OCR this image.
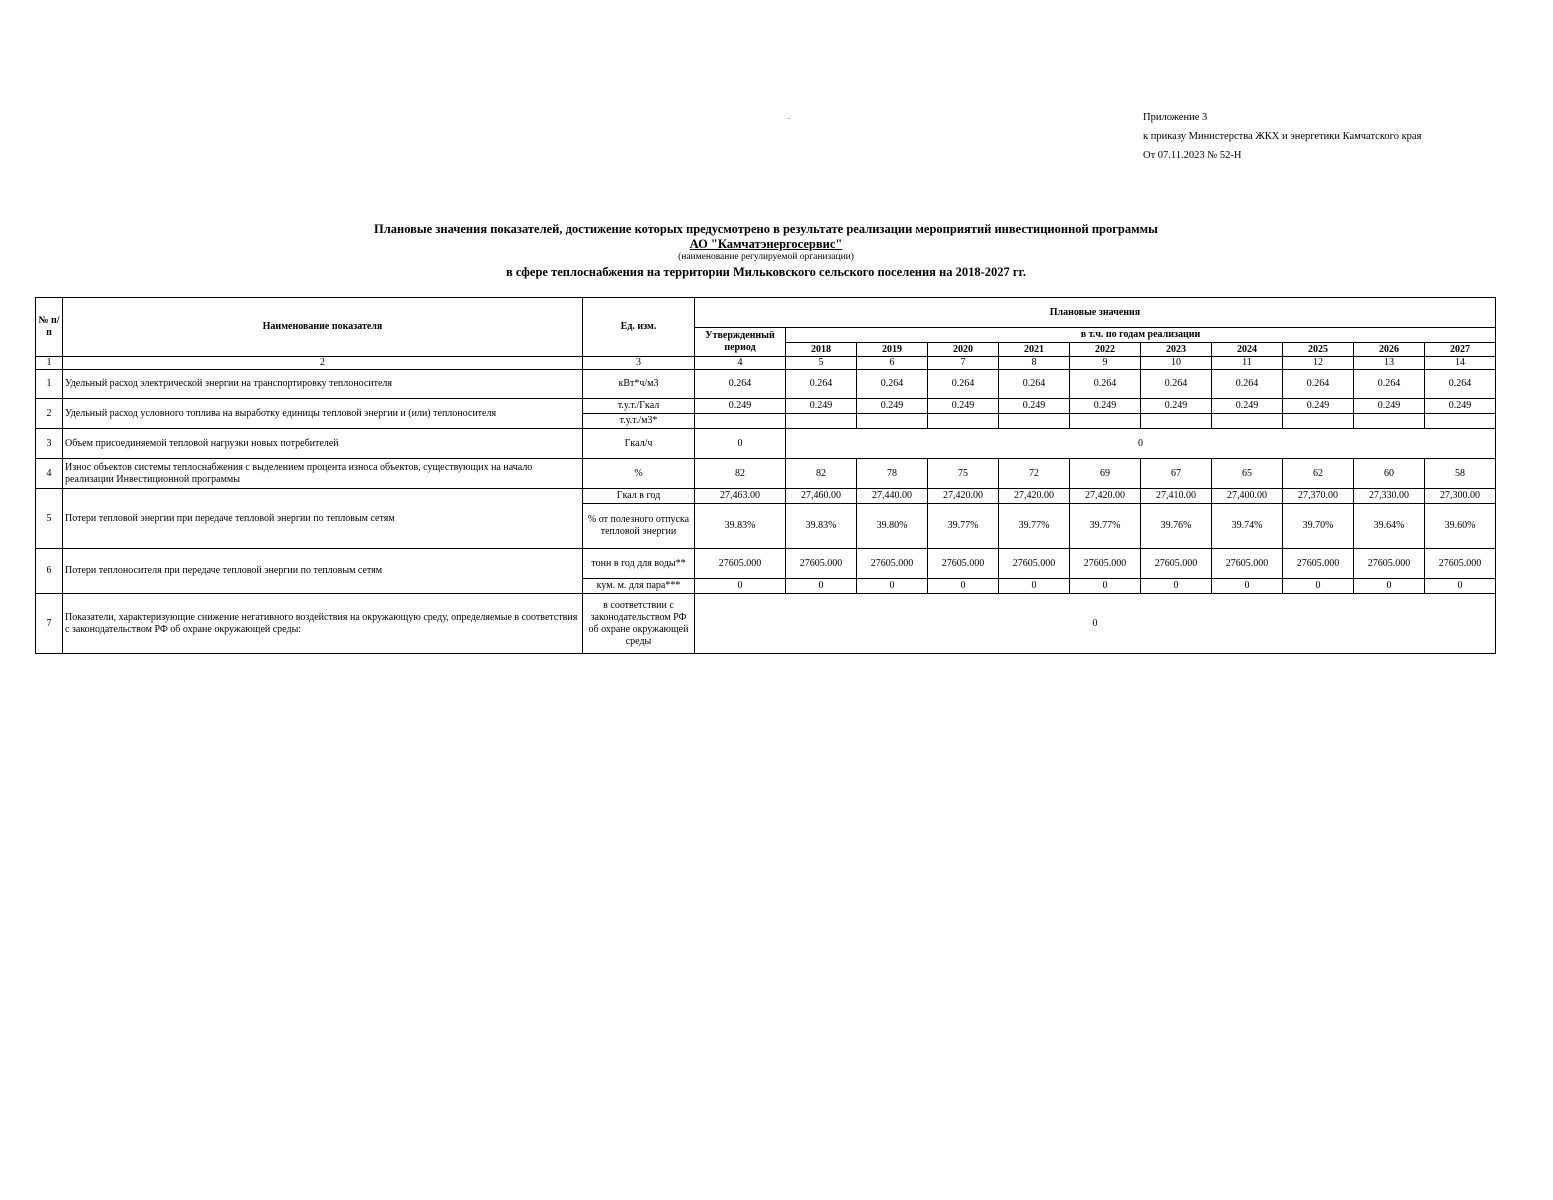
Приложение 3
к приказу Министерства ЖКХ и энергетики Камчатского края
От 07.11.2023 № 52-Н
.
Плановые значения показателей, достижение которых предусмотрено в результате реализации мероприятий инвестиционной программы
АО "Камчатэнергосервис"
(наименование регулируемой организации)
в сфере теплоснабжения на территории Мильковского сельского поселения на 2018-2027 гг.
№ п/п	Наименование показателя	Ед. изм.	Плановые значения										
			Утвержденный период	в т.ч. по годам реализации									
				2018	2019	2020	2021	2022	2023	2024	2025	2026	2027
1	2	3	4	5	6	7	8	9	10	11	12	13	14
1	Удельный расход электрической энергии на транспортировку теплоносителя	кВт*ч/м3	0.264	0.264	0.264	0.264	0.264	0.264	0.264	0.264	0.264	0.264	0.264
2	Удельный расход условного топлива на выработку единицы тепловой энергии и (или) теплоносителя	т.у.т./Гкал	0.249	0.249	0.249	0.249	0.249	0.249	0.249	0.249	0.249	0.249	0.249
		т.у.т./м3*											
3	Объем присоединяемой тепловой нагрузки новых потребителей	Гкал/ч	0	0									
4	Износ объектов системы теплоснабжения с выделением процента износа объектов, существующих на начало реализации Инвестиционной программы	%	82	82	78	75	72	69	67	65	62	60	58
5	Потери тепловой энергии при передаче тепловой энергии по тепловым сетям	Гкал в год	27,463.00	27,460.00	27,440.00	27,420.00	27,420.00	27,420.00	27,410.00	27,400.00	27,370.00	27,330.00	27,300.00
		% от полезного отпуска тепловой энергии	39.83%	39.83%	39.80%	39.77%	39.77%	39.77%	39.76%	39.74%	39.70%	39.64%	39.60%
6	Потери теплоносителя при передаче тепловой энергии по тепловым сетям	тонн в год для воды**	27605.000	27605.000	27605.000	27605.000	27605.000	27605.000	27605.000	27605.000	27605.000	27605.000	27605.000
		кум. м. для пара***	0	0	0	0	0	0	0	0	0	0	0
7	Показатели, характеризующие снижение негативного воздействия на окружающую среду, определяемые в соответствия с законодательством РФ об охране окружающей среды:	в соответствии с законодательством РФ об охране окружающей среды	0										
